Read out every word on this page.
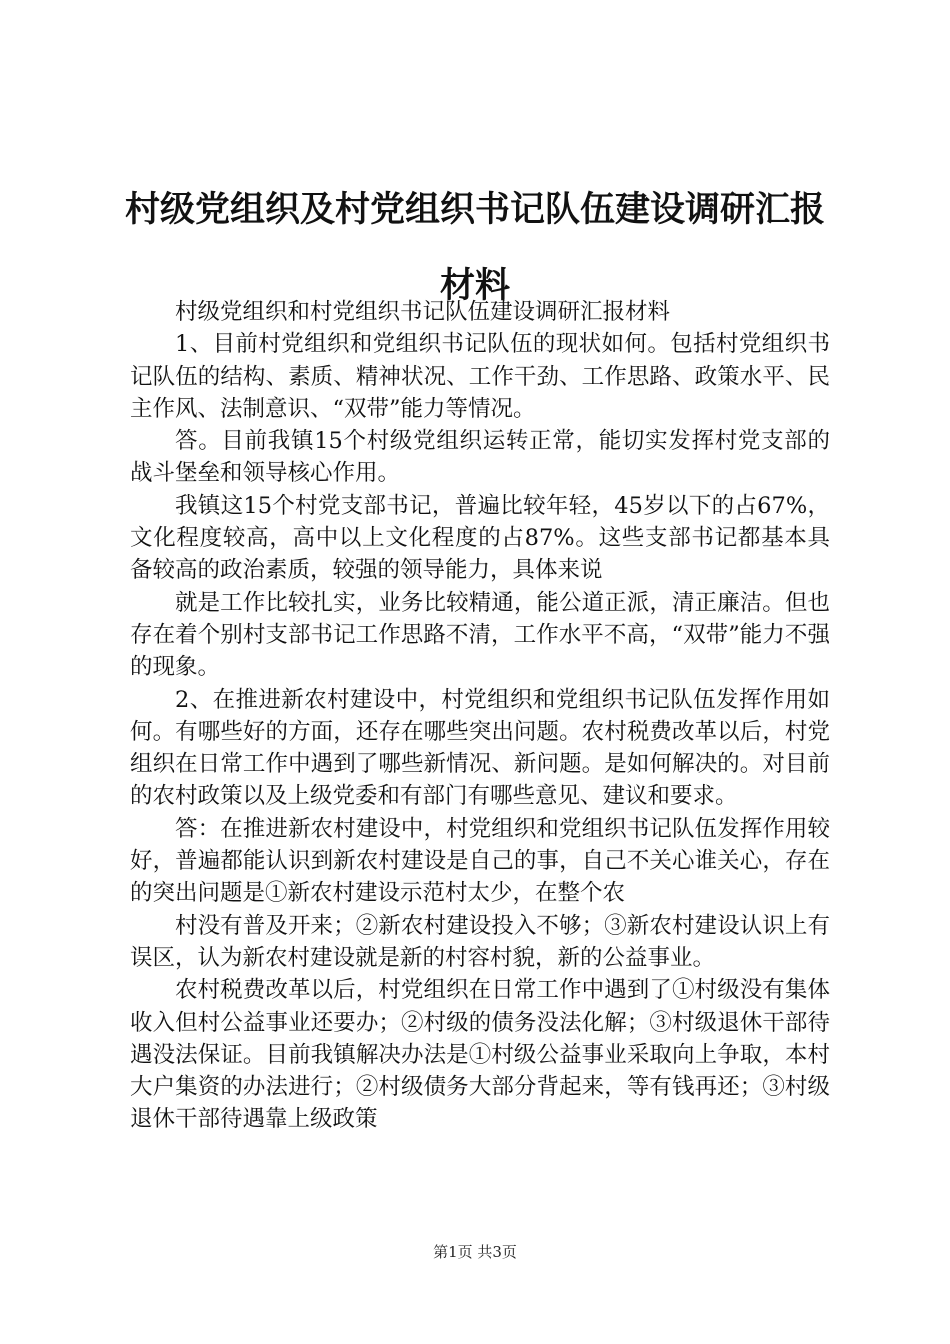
村级党组织及村党组织书记队伍建设调研汇报材料

村级党组织和村党组织书记队伍建设调研汇报材料

1、目前村党组织和党组织书记队伍的现状如何。包括村党组织书记队伍的结构、素质、精神状况、工作干劲、工作思路、政策水平、民主作风、法制意识、“双带”能力等情况。

答。目前我镇15个村级党组织运转正常，能切实发挥村党支部的战斗堡垒和领导核心作用。

我镇这15个村党支部书记，普遍比较年轻，45岁以下的占67%，文化程度较高，高中以上文化程度的占87%。这些支部书记都基本具备较高的政治素质，较强的领导能力，具体来说

就是工作比较扎实，业务比较精通，能公道正派，清正廉洁。但也存在着个别村支部书记工作思路不清，工作水平不高，“双带”能力不强的现象。

2、在推进新农村建设中，村党组织和党组织书记队伍发挥作用如何。有哪些好的方面，还存在哪些突出问题。农村税费改革以后，村党组织在日常工作中遇到了哪些新情况、新问题。是如何解决的。对目前的农村政策以及上级党委和有部门有哪些意见、建议和要求。

答：在推进新农村建设中，村党组织和党组织书记队伍发挥作用较好，普遍都能认识到新农村建设是自己的事，自己不关心谁关心，存在的突出问题是①新农村建设示范村太少，在整个农

村没有普及开来；②新农村建设投入不够；③新农村建设认识上有误区，认为新农村建设就是新的村容村貌，新的公益事业。

农村税费改革以后，村党组织在日常工作中遇到了①村级没有集体收入但村公益事业还要办；②村级的债务没法化解；③村级退休干部待遇没法保证。目前我镇解决办法是①村级公益事业采取向上争取，本村大户集资的办法进行；②村级债务大部分背起来，等有钱再还；③村级退休干部待遇靠上级政策

第1页 共3页
